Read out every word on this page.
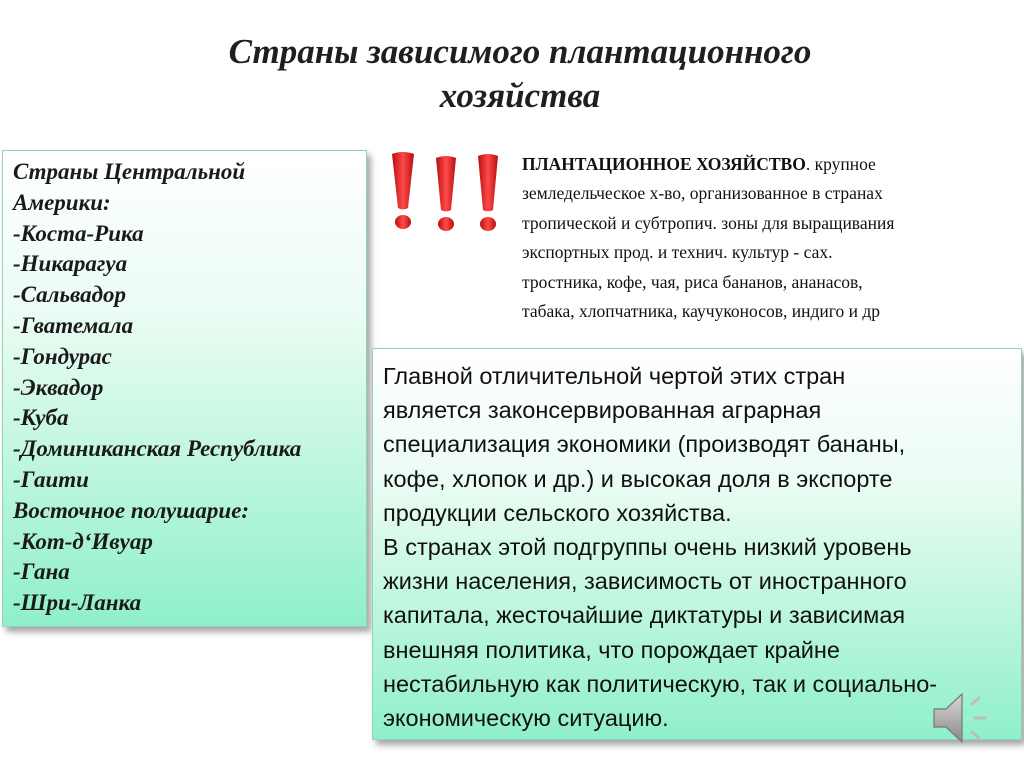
Страны зависимого плантационного
хозяйства
Страны Центральной
Америки:
-Коста-Рика
-Никарагуа
-Сальвадор
-Гватемала
-Гондурас
-Эквадор
-Куба
-Доминиканская Республика
-Гаити
Восточное полушарие:
-Кот-д‘Ивуар
-Гана
-Шри-Ланка
ПЛАНТАЦИОННОЕ ХОЗЯЙСТВО. крупное
земледельческое х-во, организованное в странах
тропической и субтропич. зоны для выращивания
экспортных прод. и технич. культур - сах.
тростника, кофе, чая, риса бананов, ананасов,
табака, хлопчатника, каучуконосов, индиго и др
Главной отличительной чертой этих стран
является законсервированная аграрная
специализация экономики (производят бананы,
кофе, хлопок и др.) и высокая доля в экспорте
продукции сельского хозяйства.
В странах этой подгруппы очень низкий уровень
жизни населения, зависимость от иностранного
капитала, жесточайшие диктатуры и зависимая
внешняя политика, что порождает крайне
нестабильную как политическую, так и социально-
экономическую ситуацию.
